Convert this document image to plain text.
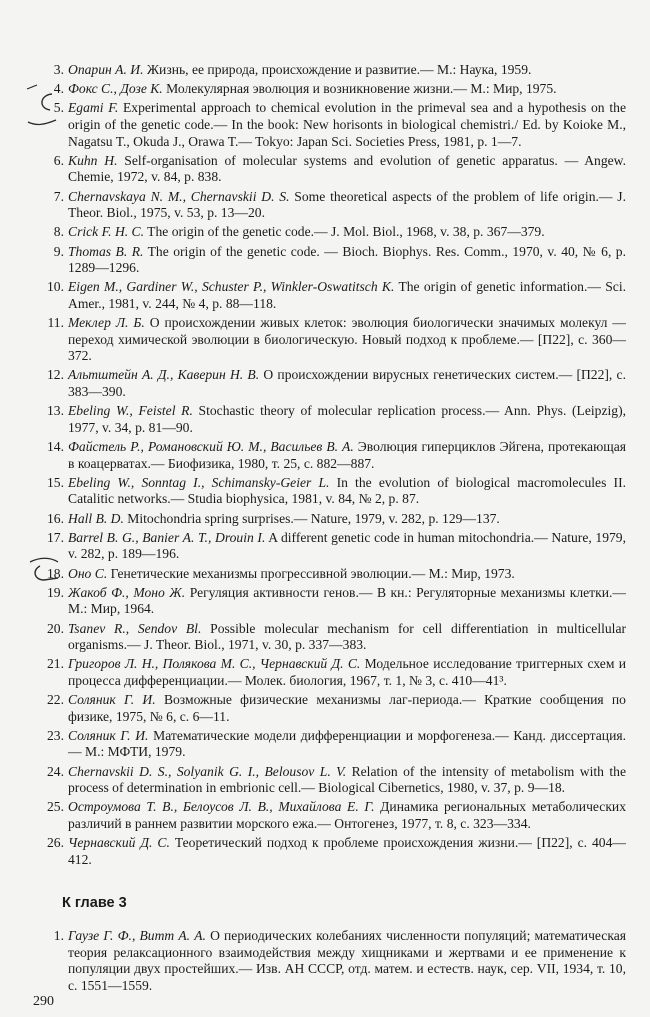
3. Опарин А. И. Жизнь, ее природа, происхождение и развитие.— М.: Наука, 1959.
4. Фокс С., Дозе К. Молекулярная эволюция и возникновение жизни.— М.: Мир, 1975.
5. Egami F. Experimental approach to chemical evolution in the primeval sea and a hypothesis on the origin of the genetic code.— In the book: New horisonts in biological chemistri./ Ed. by Koioke M., Nagatsu T., Okuda J., Orawa T.— Tokyo: Japan Sci. Societies Press, 1981, p. 1—7.
6. Kuhn H. Self-organisation of molecular systems and evolution of genetic apparatus. — Angew. Chemie, 1972, v. 84, p. 838.
7. Chernavskaya N. M., Chernavskii D. S. Some theoretical aspects of the problem of life origin.— J. Theor. Biol., 1975, v. 53, p. 13—20.
8. Crick F. H. C. The origin of the genetic code.— J. Mol. Biol., 1968, v. 38, p. 367—379.
9. Thomas B. R. The origin of the genetic code. — Bioch. Biophys. Res. Comm., 1970, v. 40, № 6, p. 1289—1296.
10. Eigen M., Gardiner W., Schuster P., Winkler-Oswatitsch K. The origin of genetic information.— Sci. Amer., 1981, v. 244, № 4, p. 88—118.
11. Меклер Л. Б. О происхождении живых клеток: эволюция биологически значимых молекул — переход химической эволюции в биологическую. Новый подход к проблеме.— [П22], с. 360—372.
12. Альтштейн А. Д., Каверин Н. В. О происхождении вирусных генетических систем.— [П22], с. 383—390.
13. Ebeling W., Feistel R. Stochastic theory of molecular replication process.— Ann. Phys. (Leipzig), 1977, v. 34, p. 81—90.
14. Файстель Р., Романовский Ю. М., Васильев В. А. Эволюция гиперциклов Эйгена, протекающая в коацерватах.— Биофизика, 1980, т. 25, с. 882—887.
15. Ebeling W., Sonntag I., Schimansky-Geier L. In the evolution of biological macromolecules II. Catalitic networks.— Studia biophysica, 1981, v. 84, № 2, p. 87.
16. Hall B. D. Mitochondria spring surprises.— Nature, 1979, v. 282, p. 129—137.
17. Barrel B. G., Banier A. T., Drouin I. A different genetic code in human mitochondria.— Nature, 1979, v. 282, p. 189—196.
18. Оно С. Генетические механизмы прогрессивной эволюции.— М.: Мир, 1973.
19. Жакоб Ф., Моно Ж. Регуляция активности генов.— В кн.: Регуляторные механизмы клетки.— М.: Мир, 1964.
20. Tsanev R., Sendov Bl. Possible molecular mechanism for cell differentiation in multicellular organisms.— J. Theor. Biol., 1971, v. 30, p. 337—383.
21. Григоров Л. Н., Полякова М. С., Чернавский Д. С. Модельное исследование триггерных схем и процесса дифференциации.— Молек. биология, 1967, т. 1, № 3, с. 410—41³.
22. Соляник Г. И. Возможные физические механизмы лаг-периода.— Краткие сообщения по физике, 1975, № 6, с. 6—11.
23. Соляник Г. И. Математические модели дифференциации и морфогенеза.— Канд. диссертация.— М.: МФТИ, 1979.
24. Chernavskii D. S., Solyanik G. I., Belousov L. V. Relation of the intensity of metabolism with the process of determination in embrionic cell.— Biological Cibernetics, 1980, v. 37, p. 9—18.
25. Остроумова Т. В., Белоусов Л. В., Михайлова Е. Г. Динамика региональных метаболических различий в раннем развитии морского ежа.— Онтогенез, 1977, т. 8, с. 323—334.
26. Чернавский Д. С. Теоретический подход к проблеме происхождения жизни.— [П22], с. 404—412.
К главе 3
1. Гаузе Г. Ф., Витт А. А. О периодических колебаниях численности популяций; математическая теория релаксационного взаимодействия между хищниками и жертвами и ее применение к популяции двух простейших.— Изв. АН СССР, отд. матем. и естеств. наук, сер. VII, 1934, т. 10, с. 1551—1559.
290
